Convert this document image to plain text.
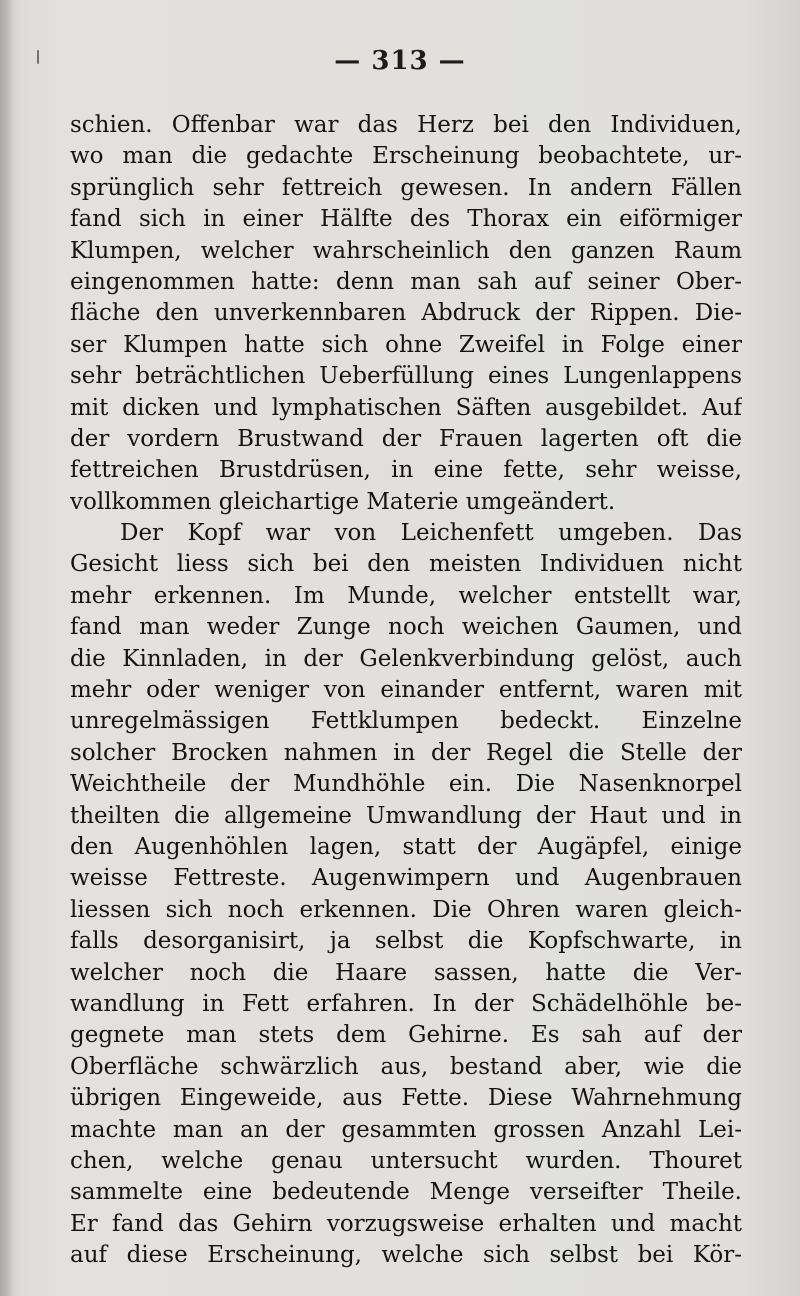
— 313 —
schien. Offenbar war das Herz bei den Individuen,
wo man die gedachte Erscheinung beobachtete, ur-
sprünglich sehr fettreich gewesen. In andern Fällen
fand sich in einer Hälfte des Thorax ein eiförmiger
Klumpen, welcher wahrscheinlich den ganzen Raum
eingenommen hatte: denn man sah auf seiner Ober-
fläche den unverkennbaren Abdruck der Rippen. Die-
ser Klumpen hatte sich ohne Zweifel in Folge einer
sehr beträchtlichen Ueberfüllung eines Lungenlappens
mit dicken und lymphatischen Säften ausgebildet. Auf
der vordern Brustwand der Frauen lagerten oft die
fettreichen Brustdrüsen, in eine fette, sehr weisse,
vollkommen gleichartige Materie umgeändert.
Der Kopf war von Leichenfett umgeben. Das
Gesicht liess sich bei den meisten Individuen nicht
mehr erkennen. Im Munde, welcher entstellt war,
fand man weder Zunge noch weichen Gaumen, und
die Kinnladen, in der Gelenkverbindung gelöst, auch
mehr oder weniger von einander entfernt, waren mit
unregelmässigen Fettklumpen bedeckt. Einzelne
solcher Brocken nahmen in der Regel die Stelle der
Weichtheile der Mundhöhle ein. Die Nasenknorpel
theilten die allgemeine Umwandlung der Haut und in
den Augenhöhlen lagen, statt der Augäpfel, einige
weisse Fettreste. Augenwimpern und Augenbrauen
liessen sich noch erkennen. Die Ohren waren gleich-
falls desorganisirt, ja selbst die Kopfschwarte, in
welcher noch die Haare sassen, hatte die Ver-
wandlung in Fett erfahren. In der Schädelhöhle be-
gegnete man stets dem Gehirne. Es sah auf der
Oberfläche schwärzlich aus, bestand aber, wie die
übrigen Eingeweide, aus Fette. Diese Wahrnehmung
machte man an der gesammten grossen Anzahl Lei-
chen, welche genau untersucht wurden. Thouret
sammelte eine bedeutende Menge verseifter Theile.
Er fand das Gehirn vorzugsweise erhalten und macht
auf diese Erscheinung, welche sich selbst bei Kör-
